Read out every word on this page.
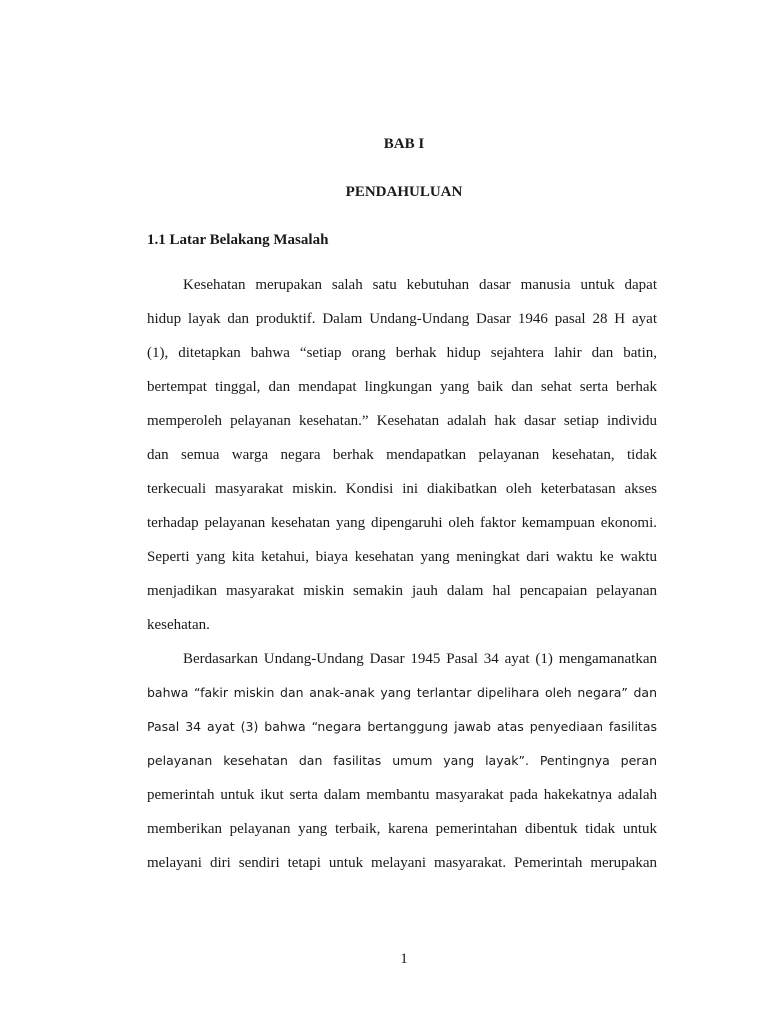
BAB I

PENDAHULUAN

1.1 Latar Belakang Masalah

Kesehatan merupakan salah satu kebutuhan dasar manusia untuk dapat
hidup layak dan produktif. Dalam Undang-Undang Dasar 1946 pasal 28 H ayat
(1), ditetapkan bahwa “setiap orang berhak hidup sejahtera lahir dan batin,
bertempat tinggal, dan mendapat lingkungan yang baik dan sehat serta berhak
memperoleh pelayanan kesehatan.” Kesehatan adalah hak dasar setiap individu
dan semua warga negara berhak mendapatkan pelayanan kesehatan, tidak
terkecuali masyarakat miskin. Kondisi ini diakibatkan oleh keterbatasan akses
terhadap pelayanan kesehatan yang dipengaruhi oleh faktor kemampuan ekonomi.
Seperti yang kita ketahui, biaya kesehatan yang meningkat dari waktu ke waktu
menjadikan masyarakat miskin semakin jauh dalam hal pencapaian pelayanan
kesehatan.

Berdasarkan Undang-Undang Dasar 1945 Pasal 34 ayat (1) mengamanatkan
bahwa “fakir miskin dan anak-anak yang terlantar dipelihara oleh negara” dan
Pasal 34 ayat (3) bahwa “negara bertanggung jawab atas penyediaan fasilitas
pelayanan kesehatan dan fasilitas umum yang layak”. Pentingnya peran
pemerintah untuk ikut serta dalam membantu masyarakat pada hakekatnya adalah
memberikan pelayanan yang terbaik, karena pemerintahan dibentuk tidak untuk
melayani diri sendiri tetapi untuk melayani masyarakat. Pemerintah merupakan

1
